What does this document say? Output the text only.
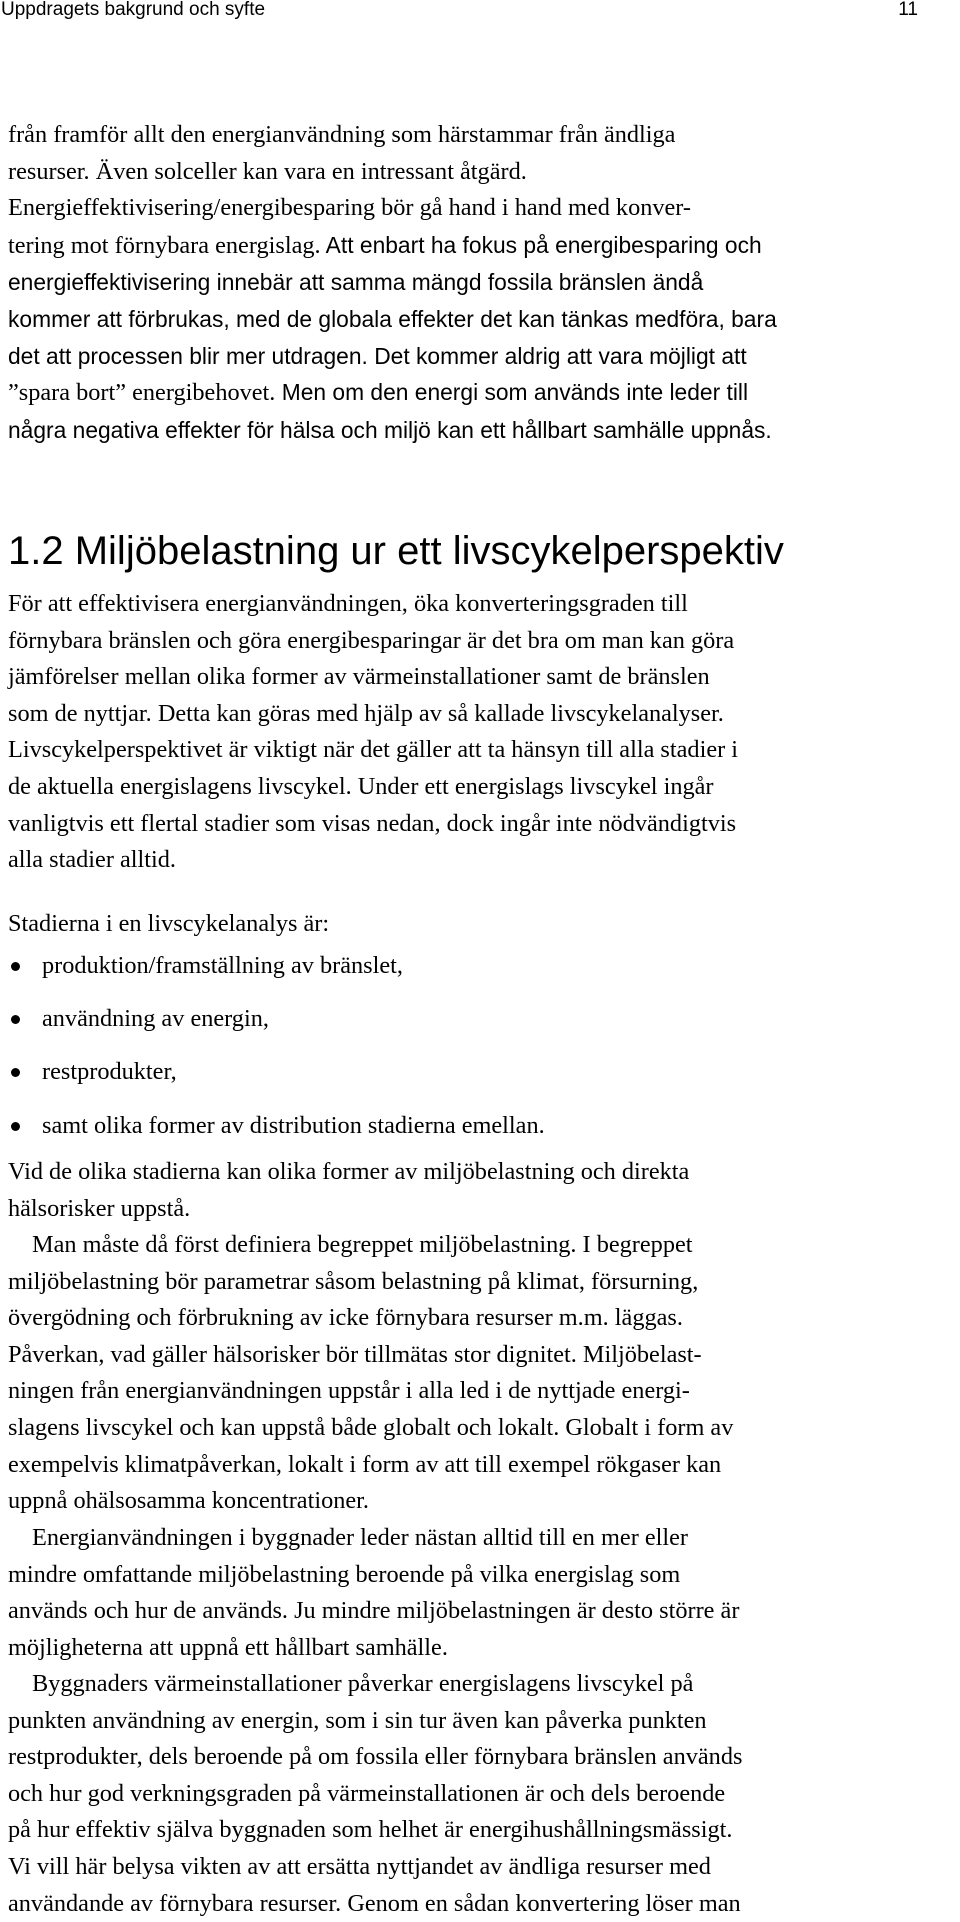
Uppdragets bakgrund och syfte	11
från framför allt den energianvändning som härstammar från ändliga
resurser. Även solceller kan vara en intressant åtgärd.
Energieffektivisering/energibesparing bör gå hand i hand med konver-
tering mot förnybara energislag. Att enbart ha fokus på energibesparing och
energieffektivisering innebär att samma mängd fossila bränslen ändå
kommer att förbrukas, med de globala effekter det kan tänkas medföra, bara
det att processen blir mer utdragen. Det kommer aldrig att vara möjligt att
”spara bort” energibehovet. Men om den energi som används inte leder till
några negativa effekter för hälsa och miljö kan ett hållbart samhälle uppnås.
1.2 Miljöbelastning ur ett livscykelperspektiv
För att effektivisera energianvändningen, öka konverteringsgraden till
förnybara bränslen och göra energibesparingar är det bra om man kan göra
jämförelser mellan olika former av värmeinstallationer samt de bränslen
som de nyttjar. Detta kan göras med hjälp av så kallade livscykelanalyser.
Livscykelperspektivet är viktigt när det gäller att ta hänsyn till alla stadier i
de aktuella energislagens livscykel. Under ett energislags livscykel ingår
vanligtvis ett flertal stadier som visas nedan, dock ingår inte nödvändigtvis
alla stadier alltid.
Stadierna i en livscykelanalys är:
produktion/framställning av bränslet,
användning av energin,
restprodukter,
samt olika former av distribution stadierna emellan.
Vid de olika stadierna kan olika former av miljöbelastning och direkta
hälsorisker uppstå.
Man måste då först definiera begreppet miljöbelastning. I begreppet
miljöbelastning bör parametrar såsom belastning på klimat, försurning,
övergödning och förbrukning av icke förnybara resurser m.m. läggas.
Påverkan, vad gäller hälsorisker bör tillmätas stor dignitet. Miljöbelast-
ningen från energianvändningen uppstår i alla led i de nyttjade energi-
slagens livscykel och kan uppstå både globalt och lokalt. Globalt i form av
exempelvis klimatpåverkan, lokalt i form av att till exempel rökgaser kan
uppnå ohälsosamma koncentrationer.
Energianvändningen i byggnader leder nästan alltid till en mer eller
mindre omfattande miljöbelastning beroende på vilka energislag som
används och hur de används. Ju mindre miljöbelastningen är desto större är
möjligheterna att uppnå ett hållbart samhälle.
Byggnaders värmeinstallationer påverkar energislagens livscykel på
punkten användning av energin, som i sin tur även kan påverka punkten
restprodukter, dels beroende på om fossila eller förnybara bränslen används
och hur god verkningsgraden på värmeinstallationen är och dels beroende
på hur effektiv själva byggnaden som helhet är energihushållningsmässigt.
Vi vill här belysa vikten av att ersätta nyttjandet av ändliga resurser med
användande av förnybara resurser. Genom en sådan konvertering löser man
